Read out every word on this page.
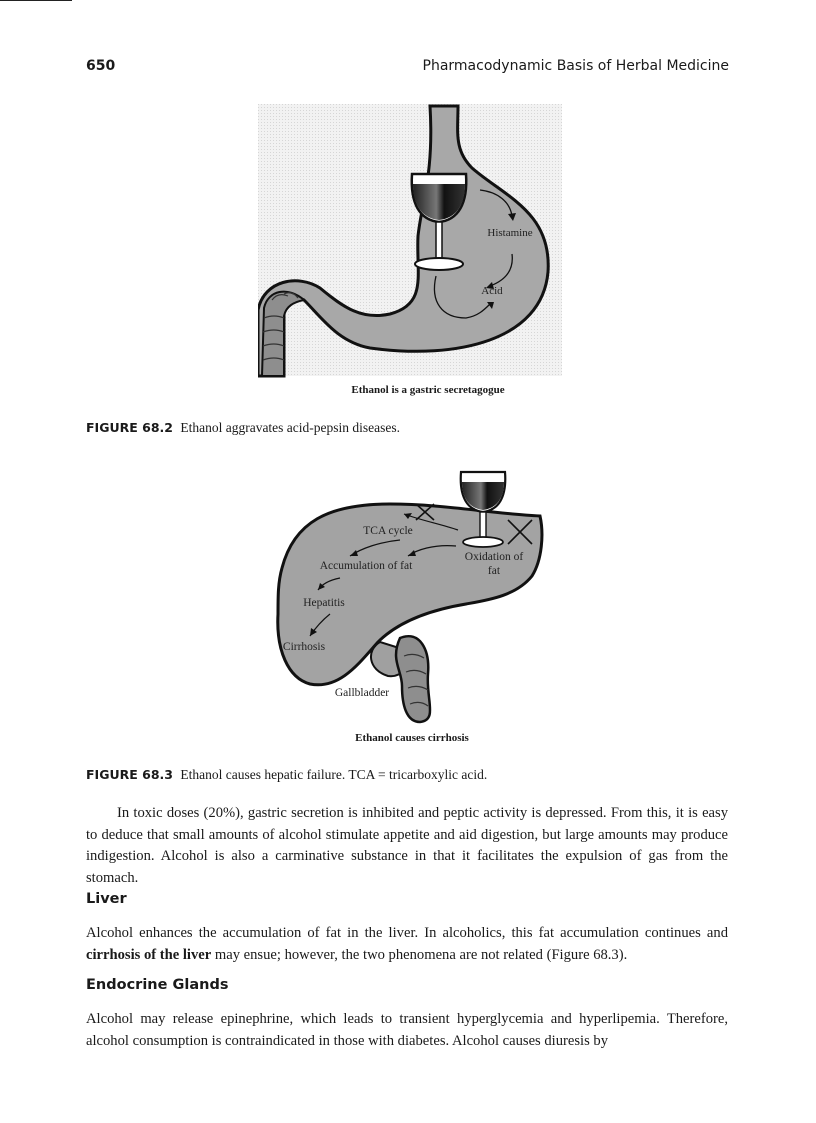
650	Pharmacodynamic Basis of Herbal Medicine
Histamine
Acid
Ethanol is a gastric secretagogue
FIGURE 68.2 Ethanol aggravates acid-pepsin diseases.
TCA cycle
Accumulation of fat
Oxidation of
fat
Hepatitis
Cirrhosis
Gallbladder
Ethanol causes cirrhosis
FIGURE 68.3 Ethanol causes hepatic failure. TCA = tricarboxylic acid.

In toxic doses (20%), gastric secretion is inhibited and peptic activity is depressed. From this, it is easy to deduce that small amounts of alcohol stimulate appetite and aid digestion, but large amounts may produce indigestion. Alcohol is also a carminative substance in that it facilitates the expulsion of gas from the stomach.

Liver

Alcohol enhances the accumulation of fat in the liver. In alcoholics, this fat accumulation continues and cirrhosis of the liver may ensue; however, the two phenomena are not related (Figure 68.3).

Endocrine Glands

Alcohol may release epinephrine, which leads to transient hyperglycemia and hyperlipemia. Therefore, alcohol consumption is contraindicated in those with diabetes. Alcohol causes diuresis by
